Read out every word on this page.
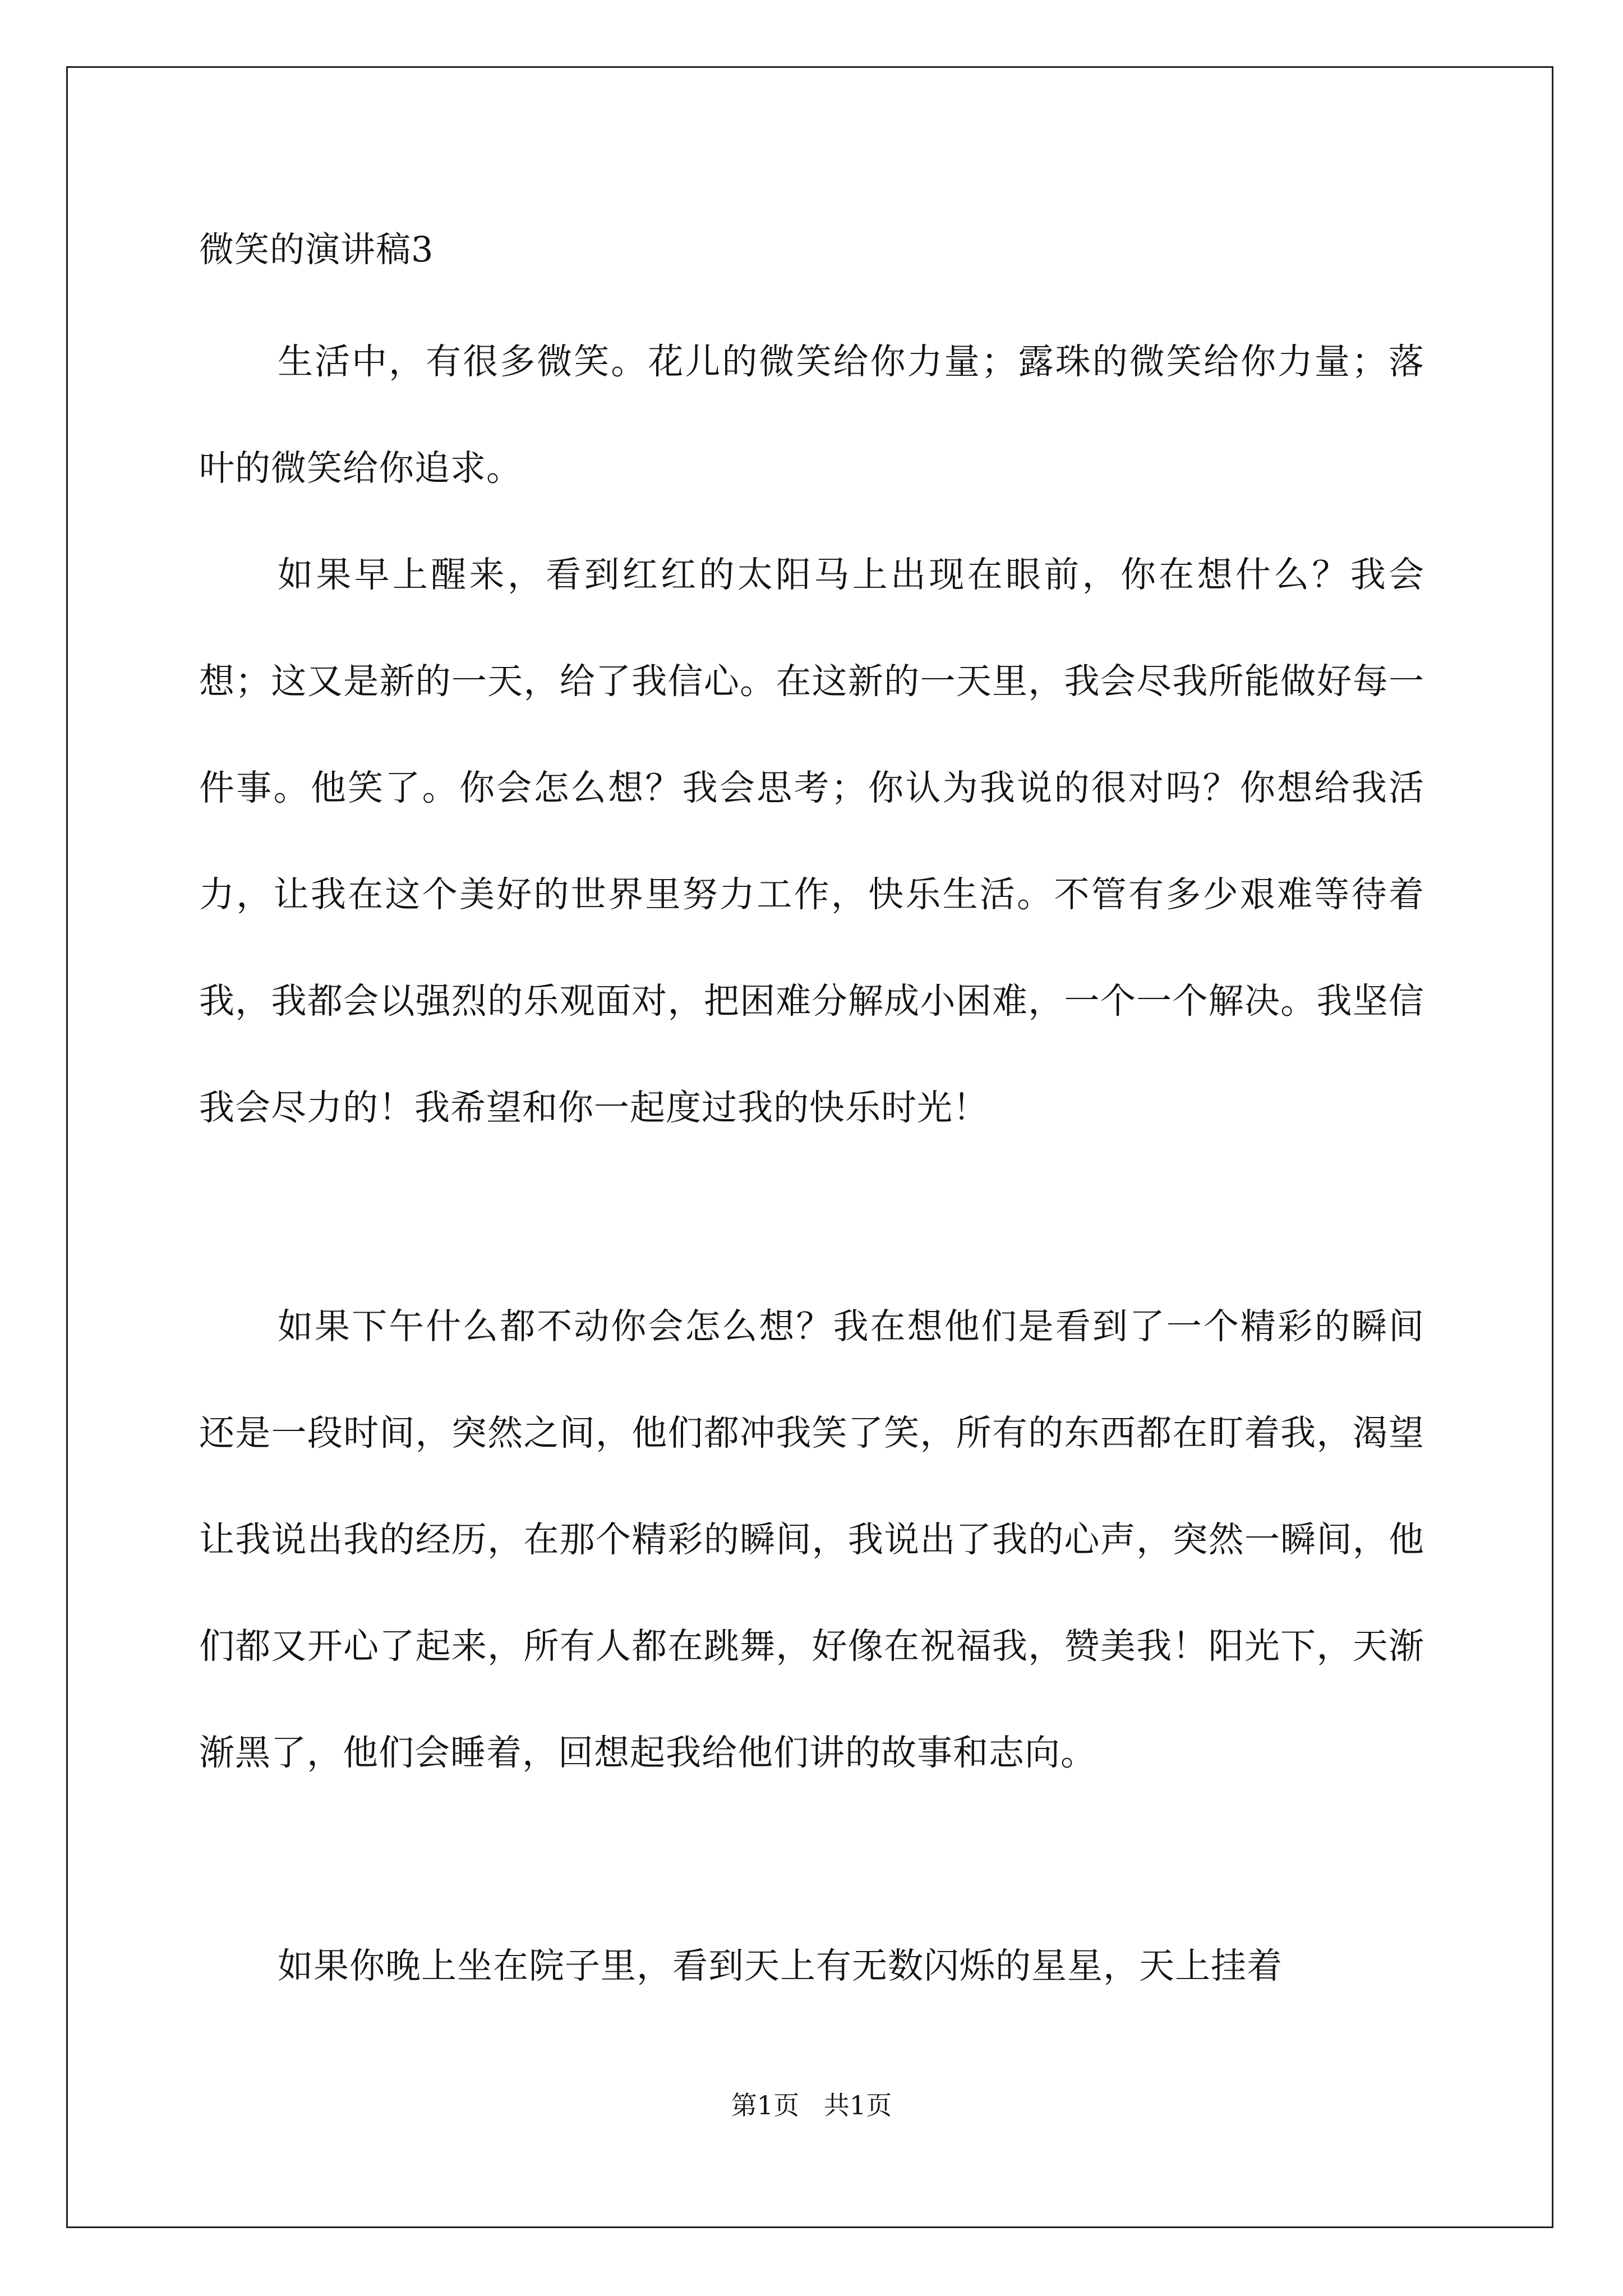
微笑的演讲稿3

生活中，有很多微笑。花儿的微笑给你力量；露珠的微笑给你力量；落叶的微笑给你追求。

如果早上醒来，看到红红的太阳马上出现在眼前，你在想什么？我会想；这又是新的一天，给了我信心。在这新的一天里，我会尽我所能做好每一件事。他笑了。你会怎么想？我会思考；你认为我说的很对吗？你想给我活力，让我在这个美好的世界里努力工作，快乐生活。不管有多少艰难等待着我，我都会以强烈的乐观面对，把困难分解成小困难，一个一个解决。我坚信我会尽力的！我希望和你一起度过我的快乐时光！

如果下午什么都不动你会怎么想？我在想他们是看到了一个精彩的瞬间还是一段时间，突然之间，他们都冲我笑了笑，所有的东西都在盯着我，渴望让我说出我的经历，在那个精彩的瞬间，我说出了我的心声，突然一瞬间，他们都又开心了起来，所有人都在跳舞，好像在祝福我，赞美我！阳光下，天渐渐黑了，他们会睡着，回想起我给他们讲的故事和志向。

如果你晚上坐在院子里，看到天上有无数闪烁的星星，天上挂着

第1页   共1页
